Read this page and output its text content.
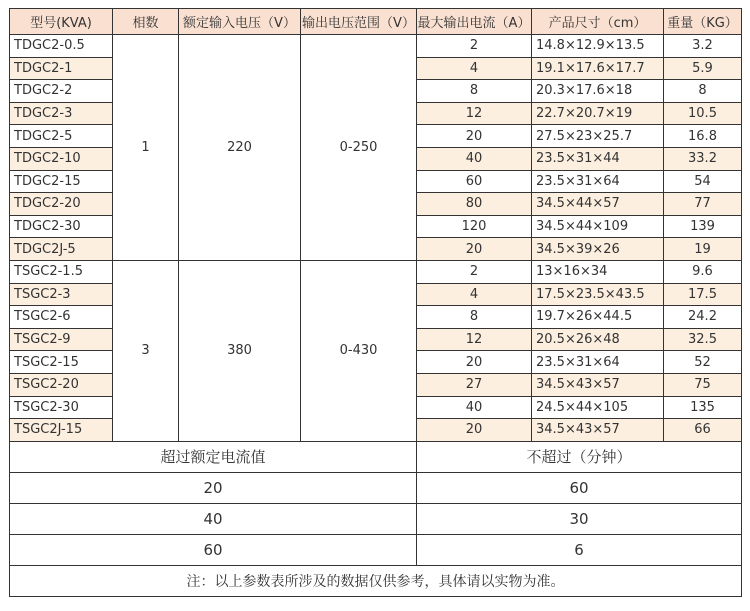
型号(KVA)	相数	额定输入电压（V）	输出电压范围（V）	最大输出电流（A）	产品尺寸（cm）	重量（KG）
TDGC2-0.5	1	220	0-250	2	14.8×12.9×13.5	3.2
TDGC2-1				4	19.1×17.6×17.7	5.9
TDGC2-2				8	20.3×17.6×18	8
TDGC2-3				12	22.7×20.7×19	10.5
TDGC2-5				20	27.5×23×25.7	16.8
TDGC2-10				40	23.5×31×44	33.2
TDGC2-15				60	23.5×31×64	54
TDGC2-20				80	34.5×44×57	77
TDGC2-30				120	34.5×44×109	139
TDGC2J-5				20	34.5×39×26	19
TSGC2-1.5	3	380	0-430	2	13×16×34	9.6
TSGC2-3				4	17.5×23.5×43.5	17.5
TSGC2-6				8	19.7×26×44.5	24.2
TSGC2-9				12	20.5×26×48	32.5
TSGC2-15				20	23.5×31×64	52
TSGC2-20				27	34.5×43×57	75
TSGC2-30				40	24.5×44×105	135
TSGC2J-15				20	34.5×43×57	66
超过额定电流值	不超过（分钟）
20	60
40	30
60	6
注：以上参数表所涉及的数据仅供参考，具体请以实物为准。	
